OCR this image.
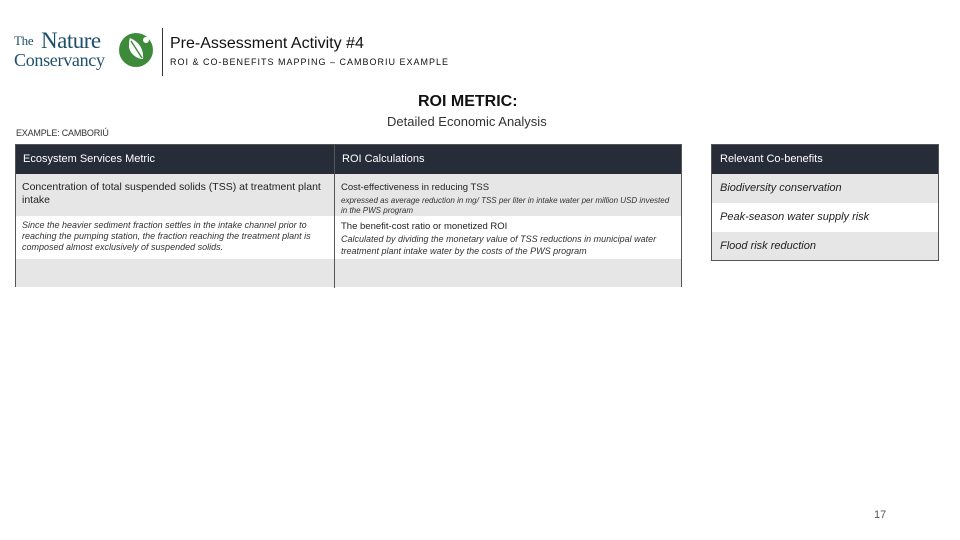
The Nature
Conservancy
Pre-Assessment Activity #4
ROI & CO-BENEFITS MAPPING – CAMBORIU EXAMPLE
ROI METRIC:
Detailed Economic Analysis
EXAMPLE: CAMBORIÚ
Ecosystem Services Metric	ROI Calculations
Concentration of total suspended solids (TSS) at treatment plant intake
Cost-effectiveness in reducing TSS
expressed as average reduction in mg/ TSS per liter in intake water per million USD invested in the PWS program
Since the heavier sediment fraction settles in the intake channel prior to reaching the pumping station, the fraction reaching the treatment plant is composed almost exclusively of suspended solids.
The benefit-cost ratio or monetized ROI
Calculated by dividing the monetary value of TSS reductions in municipal water treatment plant intake water by the costs of the PWS program
Relevant Co-benefits
Biodiversity conservation
Peak-season water supply risk
Flood risk reduction
17
